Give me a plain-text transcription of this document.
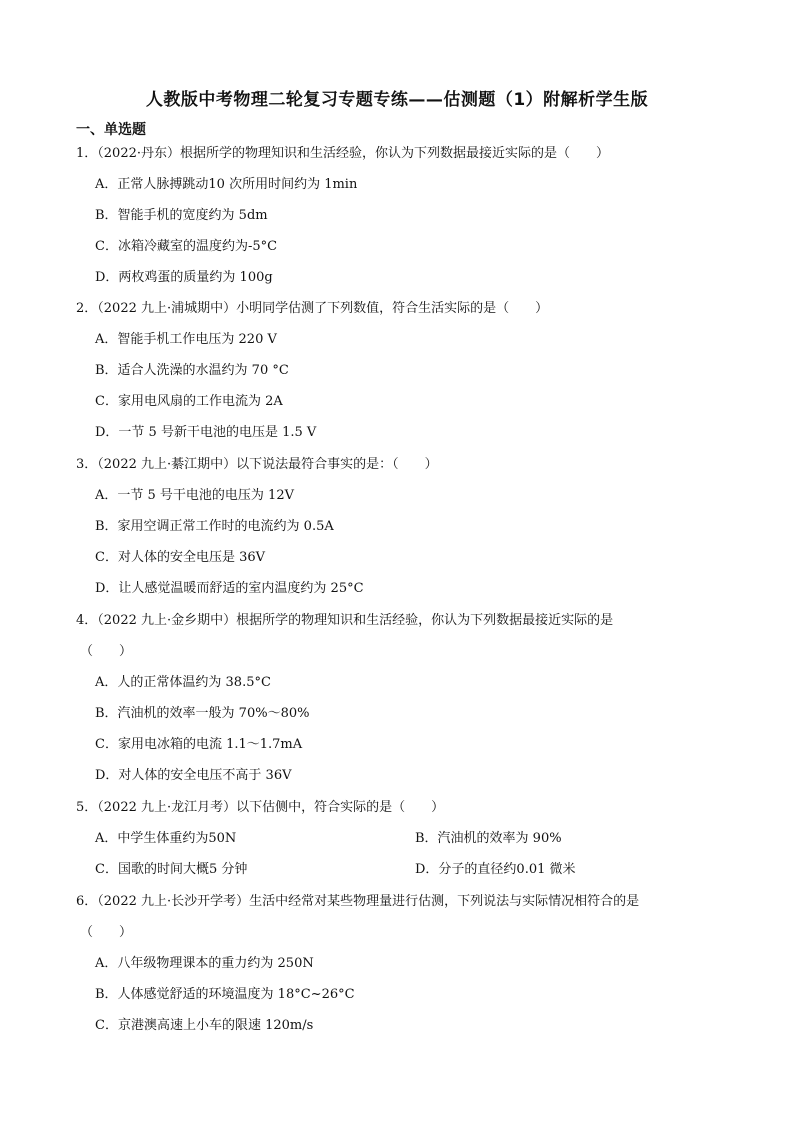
人教版中考物理二轮复习专题专练——估测题（1）附解析学生版
一、单选题
1．（2022·丹东）根据所学的物理知识和生活经验，你认为下列数据最接近实际的是（　　）
A．正常人脉搏跳动10 次所用时间约为 1min
B．智能手机的宽度约为 5dm
C．冰箱冷藏室的温度约为-5°C
D．两枚鸡蛋的质量约为 100g
2．（2022 九上·浦城期中）小明同学估测了下列数值，符合生活实际的是（　　）
A．智能手机工作电压为 220 V
B．适合人洗澡的水温约为 70 °C
C．家用电风扇的工作电流为 2A
D．一节 5 号新干电池的电压是 1.5 V
3．（2022 九上·綦江期中）以下说法最符合事实的是：（　　）
A．一节 5 号干电池的电压为 12V
B．家用空调正常工作时的电流约为 0.5A
C．对人体的安全电压是 36V
D．让人感觉温暖而舒适的室内温度约为 25°C
4．（2022 九上·金乡期中）根据所学的物理知识和生活经验，你认为下列数据最接近实际的是
（　　）
A．人的正常体温约为 38.5°C
B．汽油机的效率一般为 70%～80%
C．家用电冰箱的电流 1.1～1.7mA
D．对人体的安全电压不高于 36V
5．（2022 九上·龙江月考）以下估侧中，符合实际的是（　　）
A．中学生体重约为50N	B．汽油机的效率为 90%
C．国歌的时间大概5 分钟	D．分子的直径约0.01 微米
6．（2022 九上·长沙开学考）生活中经常对某些物理量进行估测，下列说法与实际情况相符合的是
（　　）
A．八年级物理课本的重力约为 250N
B．人体感觉舒适的环境温度为 18°C~26°C
C．京港澳高速上小车的限速 120m/s
